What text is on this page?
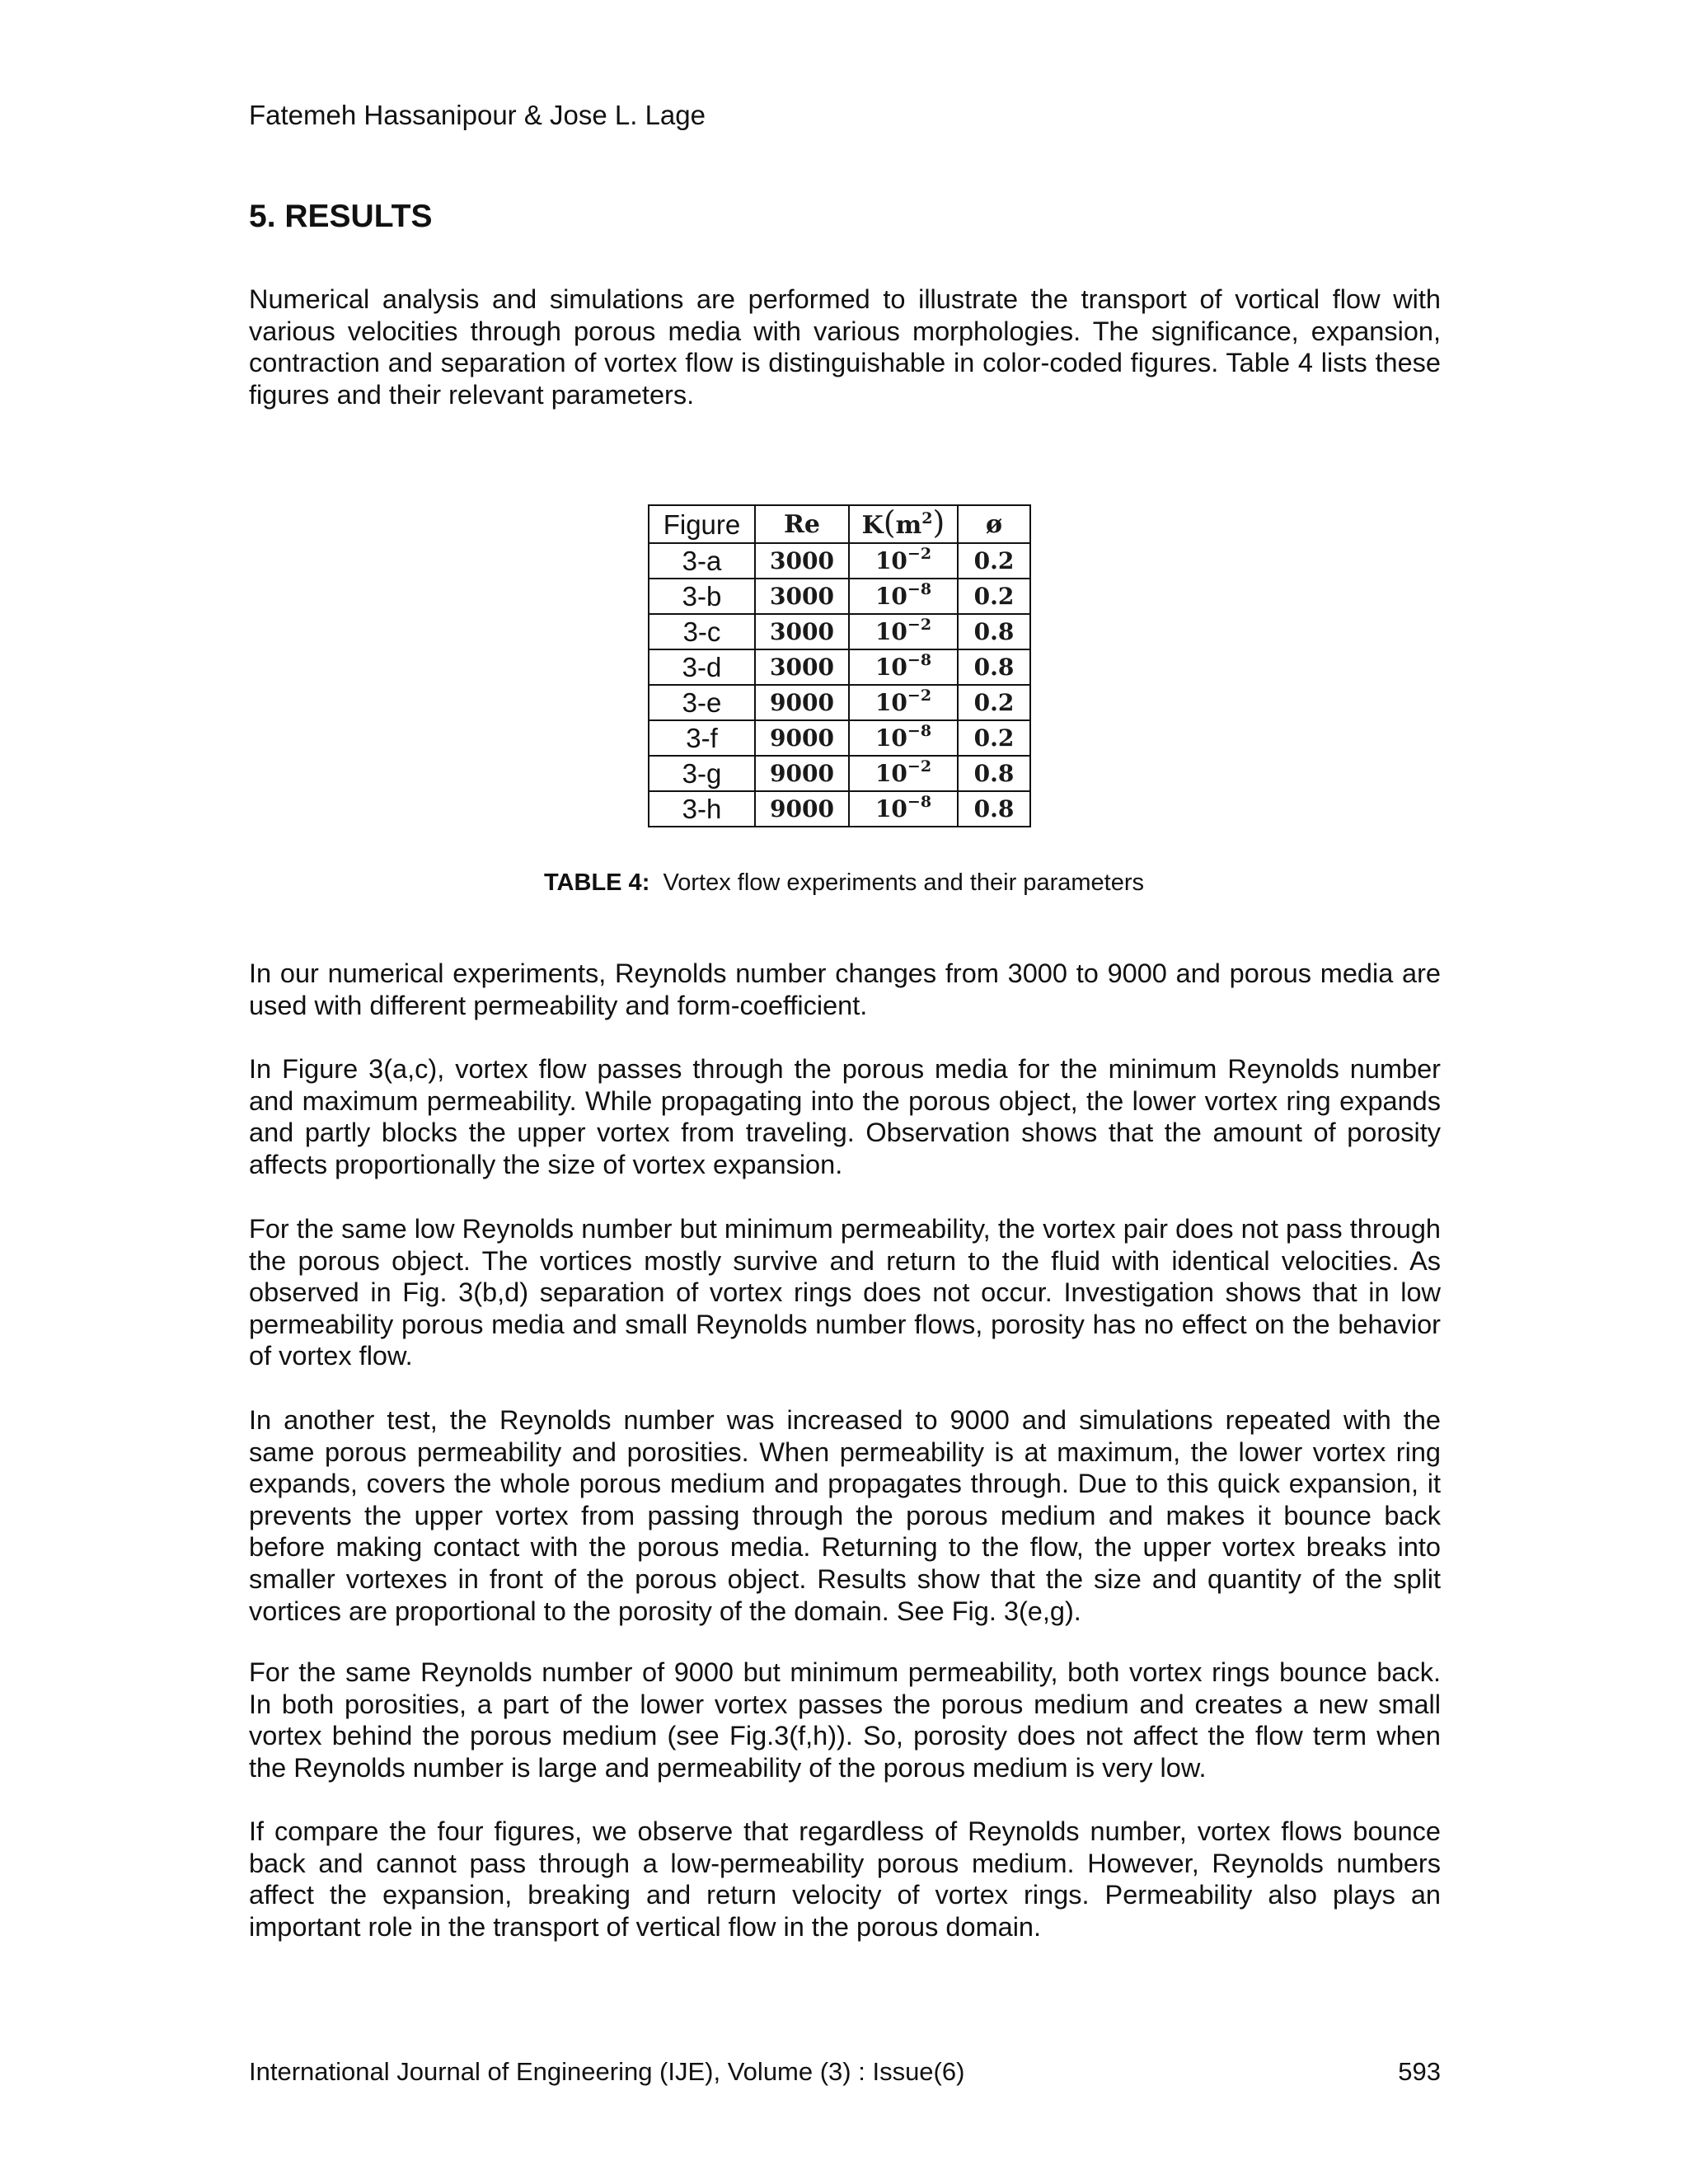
Fatemeh Hassanipour & Jose L. Lage
5. RESULTS

Numerical analysis and simulations are performed to illustrate the transport of vortical flow with various velocities through porous media with various morphologies. The significance, expansion, contraction and separation of vortex flow is distinguishable in color-coded figures. Table 4 lists these figures and their relevant parameters.

Figure	Re	$K(m^2)$	ø
3-a	3000	$10^{-2}$	0.2
3-b	3000	$10^{-8}$	0.2
3-c	3000	$10^{-2}$	0.8
3-d	3000	$10^{-8}$	0.8
3-e	9000	$10^{-2}$	0.2
3-f	9000	$10^{-8}$	0.2
3-g	9000	$10^{-2}$	0.8
3-h	9000	$10^{-8}$	0.8
TABLE 4: Vortex flow experiments and their parameters

In our numerical experiments, Reynolds number changes from 3000 to 9000 and porous media are used with different permeability and form-coefficient.

In Figure 3(a,c), vortex flow passes through the porous media for the minimum Reynolds number and maximum permeability. While propagating into the porous object, the lower vortex ring expands and partly blocks the upper vortex from traveling. Observation shows that the amount of porosity affects proportionally the size of vortex expansion.

For the same low Reynolds number but minimum permeability, the vortex pair does not pass through the porous object. The vortices mostly survive and return to the fluid with identical velocities. As observed in Fig. 3(b,d) separation of vortex rings does not occur. Investigation shows that in low permeability porous media and small Reynolds number flows, porosity has no effect on the behavior of vortex flow.

In another test, the Reynolds number was increased to 9000 and simulations repeated with the same porous permeability and porosities. When permeability is at maximum, the lower vortex ring expands, covers the whole porous medium and propagates through. Due to this quick expansion, it prevents the upper vortex from passing through the porous medium and makes it bounce back before making contact with the porous media. Returning to the flow, the upper vortex breaks into smaller vortexes in front of the porous object. Results show that the size and quantity of the split vortices are proportional to the porosity of the domain. See Fig. 3(e,g).

For the same Reynolds number of 9000 but minimum permeability, both vortex rings bounce back. In both porosities, a part of the lower vortex passes the porous medium and creates a new small vortex behind the porous medium (see Fig.3(f,h)). So, porosity does not affect the flow term when the Reynolds number is large and permeability of the porous medium is very low.

If compare the four figures, we observe that regardless of Reynolds number, vortex flows bounce back and cannot pass through a low-permeability porous medium. However, Reynolds numbers affect the expansion, breaking and return velocity of vortex rings. Permeability also plays an important role in the transport of vertical flow in the porous domain.

International Journal of Engineering (IJE), Volume (3) : Issue(6)	593
